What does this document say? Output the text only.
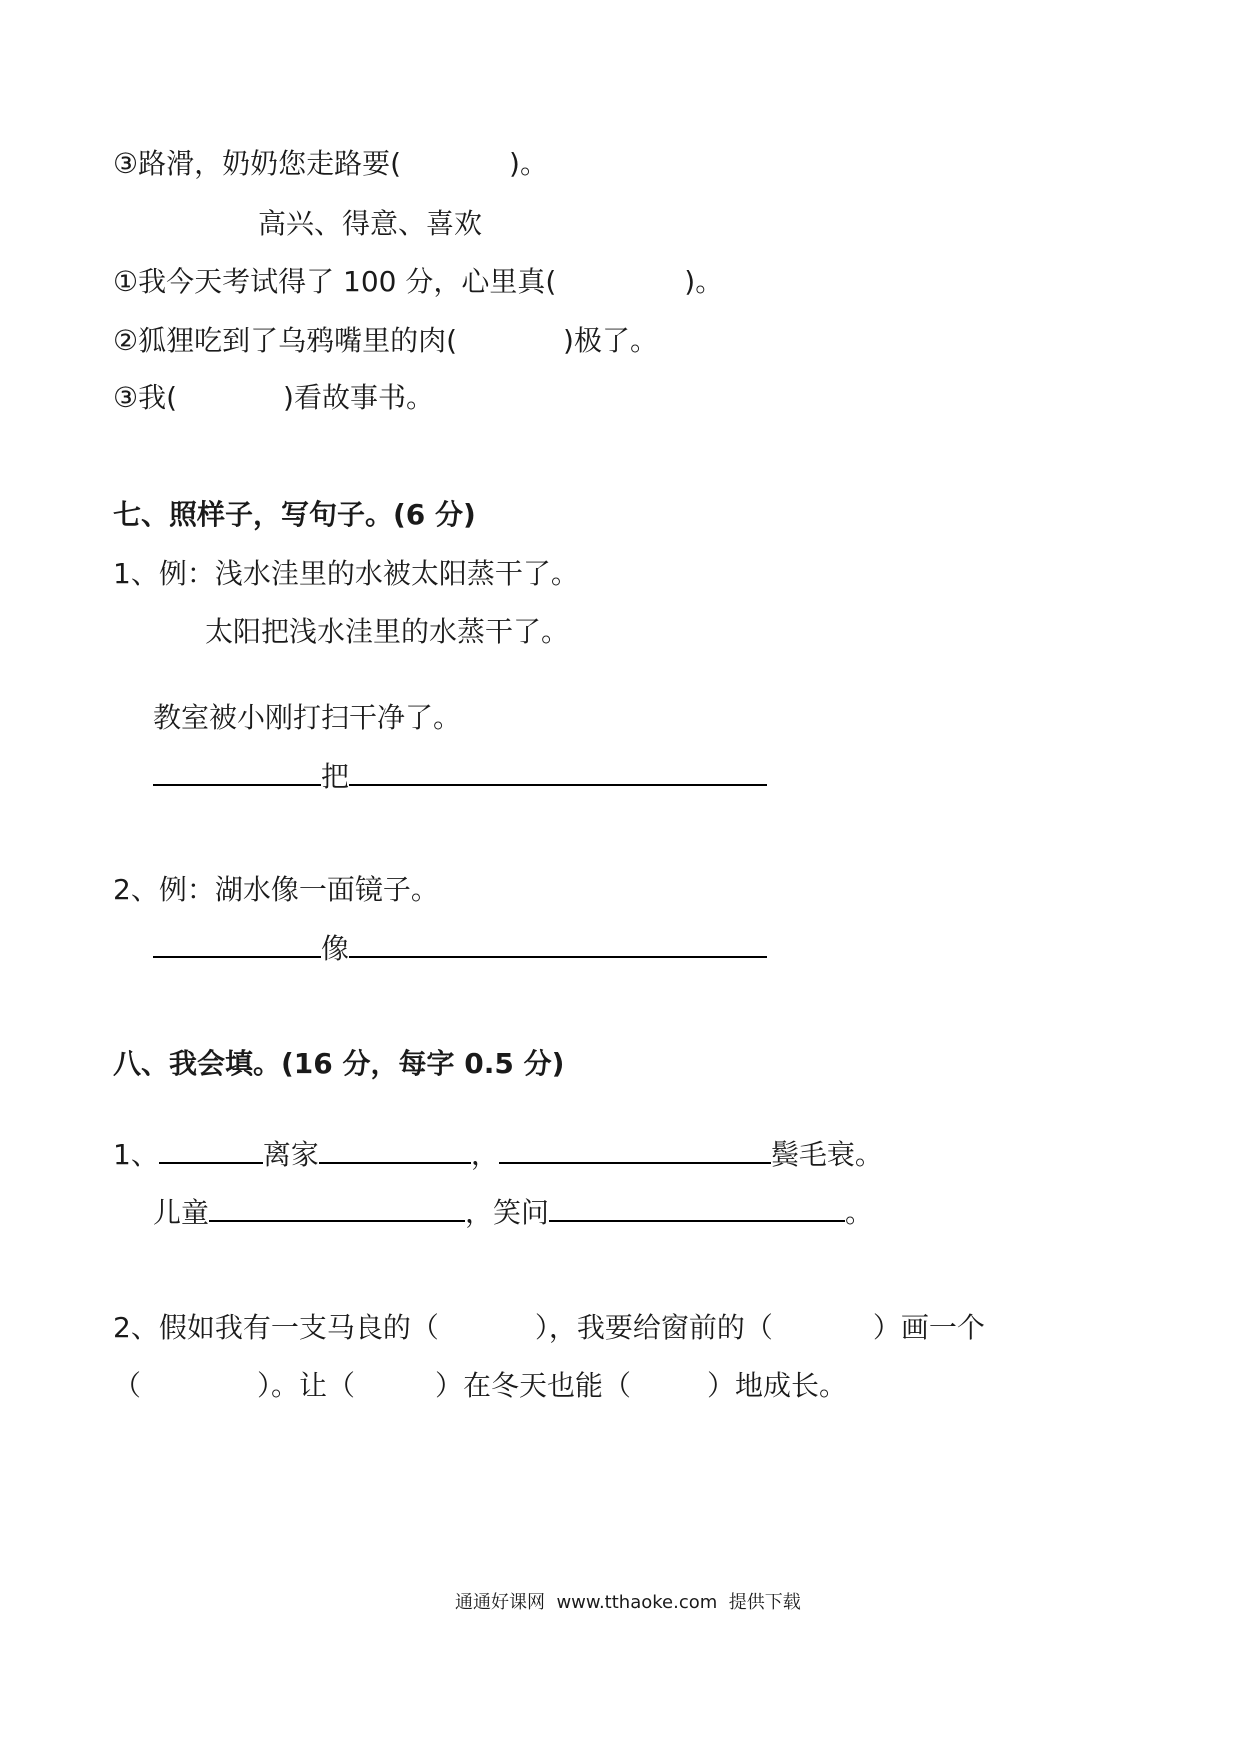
③路滑，奶奶您走路要(	)。
高兴、得意、喜欢
①我今天考试得了 100 分，心里真(	)。
②狐狸吃到了乌鸦嘴里的肉(	)极了。
③我(	)看故事书。
七、照样子，写句子。(6 分)
1、例：浅水洼里的水被太阳蒸干了。
太阳把浅水洼里的水蒸干了。
教室被小刚打扫干净了。
把
2、例：湖水像一面镜子。
像
八、我会填。(16 分，每字 0.5 分)
1、	离家	，	鬓毛衰。
儿童	，笑问	。
2、假如我有一支马良的（	），我要给窗前的（	）画一个
（	）。让（	）在冬天也能（	）地成长。
通通好课网  www.tthaoke.com  提供下载
